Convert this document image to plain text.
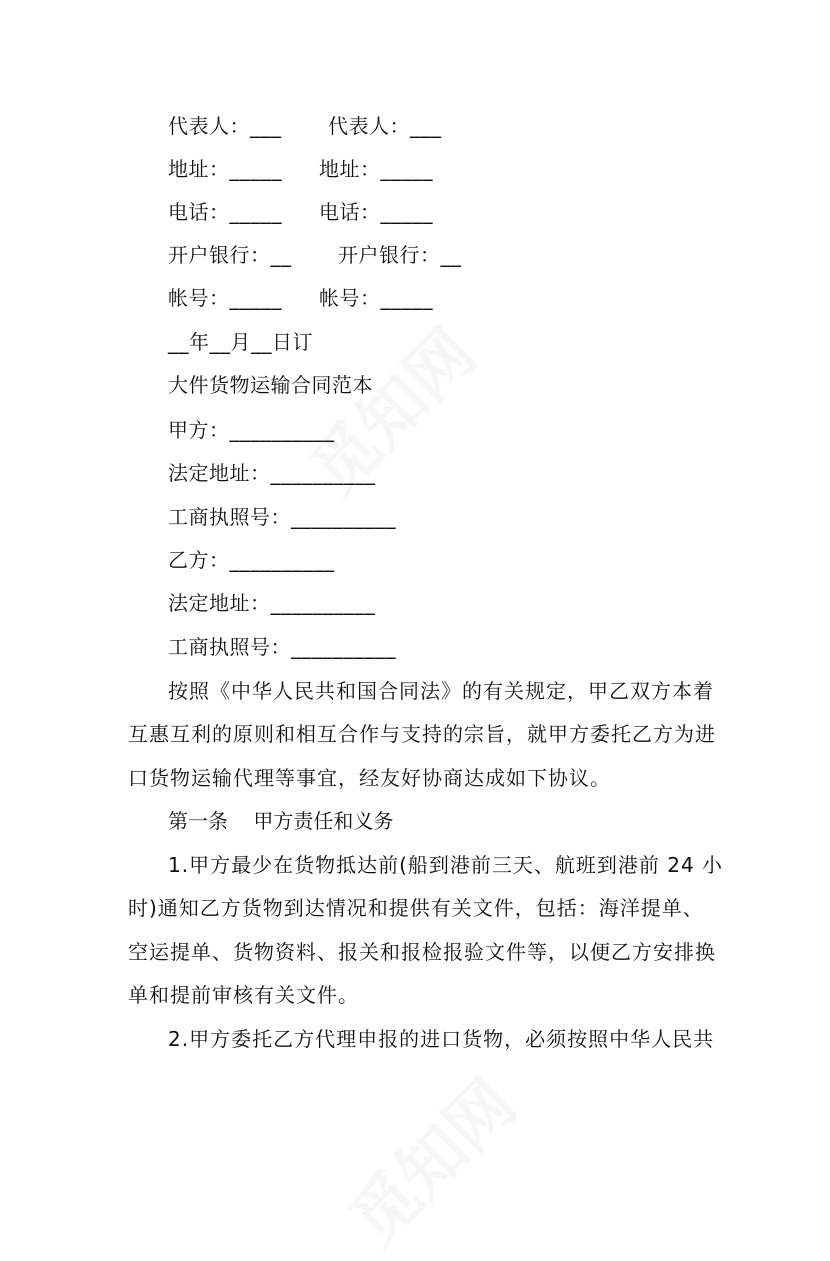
代表人：___ 代表人：___
地址：_____ 地址：_____
电话：_____ 电话：_____
开户银行：__ 开户银行：__
帐号：_____ 帐号：_____
__年__月__日订
大件货物运输合同范本
甲方：__________
法定地址：__________
工商执照号：__________
乙方：__________
法定地址：__________
工商执照号：__________
按照《中华人民共和国合同法》的有关规定，甲乙双方本着
互惠互利的原则和相互合作与支持的宗旨，就甲方委托乙方为进
口货物运输代理等事宜，经友好协商达成如下协议。
第一条    甲方责任和义务
1.甲方最少在货物抵达前(船到港前三天、航班到港前 24 小
时)通知乙方货物到达情况和提供有关文件，包括：海洋提单、
空运提单、货物资料、报关和报检报验文件等，以便乙方安排换
单和提前审核有关文件。
2.甲方委托乙方代理申报的进口货物，必须按照中华人民共
